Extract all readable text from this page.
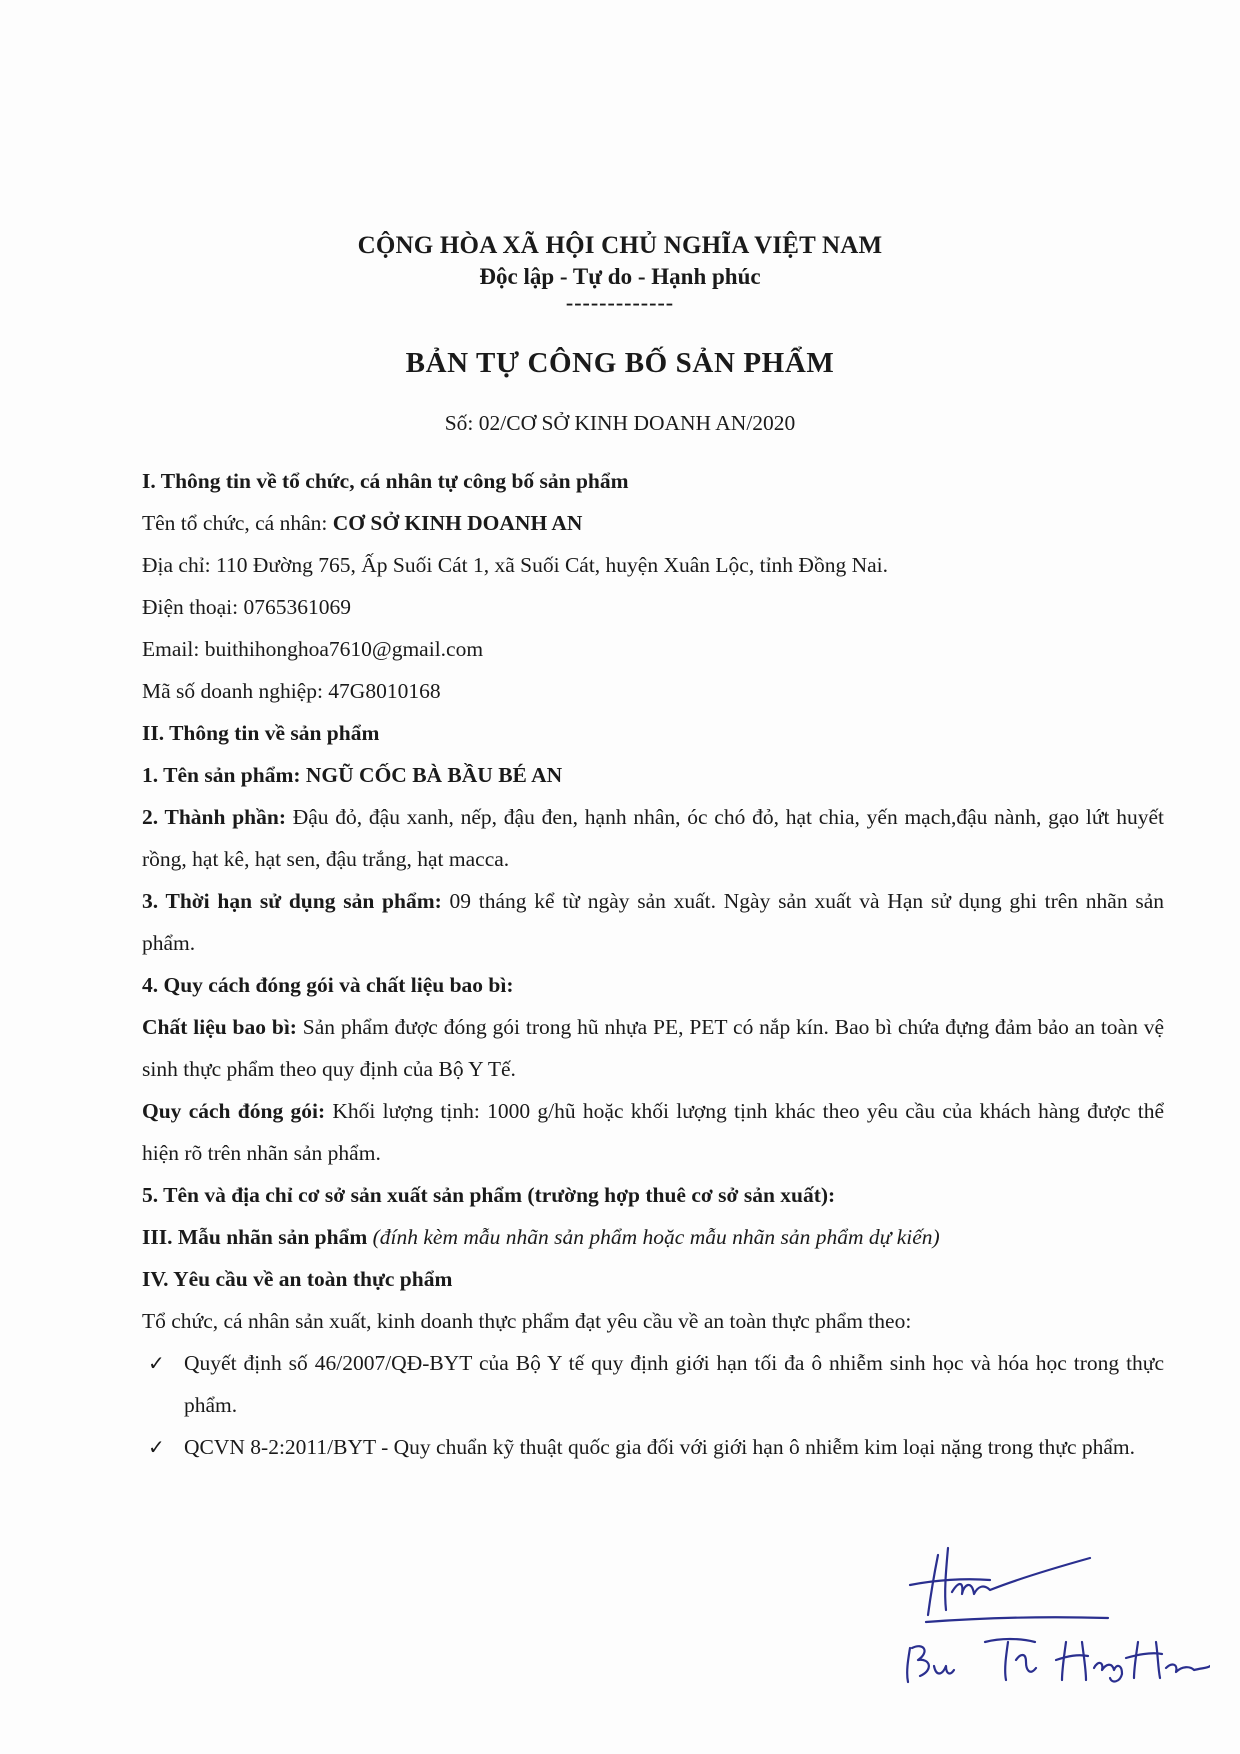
CỘNG HÒA XÃ HỘI CHỦ NGHĨA VIỆT NAM
Độc lập - Tự do - Hạnh phúc
-------------
BẢN TỰ CÔNG BỐ SẢN PHẨM
Số: 02/CƠ SỞ KINH DOANH AN/2020
I. Thông tin về tổ chức, cá nhân tự công bố sản phẩm
Tên tổ chức, cá nhân: CƠ SỞ KINH DOANH AN
Địa chỉ: 110 Đường 765, Ấp Suối Cát 1, xã Suối Cát, huyện Xuân Lộc, tỉnh Đồng Nai.
Điện thoại: 0765361069
Email: buithihonghoa7610@gmail.com
Mã số doanh nghiệp: 47G8010168
II. Thông tin về sản phẩm
1. Tên sản phẩm: NGŨ CỐC BÀ BẦU BÉ AN
2. Thành phần: Đậu đỏ, đậu xanh, nếp, đậu đen, hạnh nhân, óc chó đỏ, hạt chia, yến mạch,đậu nành, gạo lứt huyết rồng, hạt kê, hạt sen, đậu trắng, hạt macca.
3. Thời hạn sử dụng sản phẩm: 09 tháng kể từ ngày sản xuất. Ngày sản xuất và Hạn sử dụng ghi trên nhãn sản phẩm.
4. Quy cách đóng gói và chất liệu bao bì:
Chất liệu bao bì: Sản phẩm được đóng gói trong hũ nhựa PE, PET có nắp kín. Bao bì chứa đựng đảm bảo an toàn vệ sinh thực phẩm theo quy định của Bộ Y Tế.
Quy cách đóng gói: Khối lượng tịnh: 1000 g/hũ hoặc khối lượng tịnh khác theo yêu cầu của khách hàng được thể hiện rõ trên nhãn sản phẩm.
5. Tên và địa chỉ cơ sở sản xuất sản phẩm (trường hợp thuê cơ sở sản xuất):
III. Mẫu nhãn sản phẩm (đính kèm mẫu nhãn sản phẩm hoặc mẫu nhãn sản phẩm dự kiến)
IV. Yêu cầu về an toàn thực phẩm
Tổ chức, cá nhân sản xuất, kinh doanh thực phẩm đạt yêu cầu về an toàn thực phẩm theo:
✓ Quyết định số 46/2007/QĐ-BYT của Bộ Y tế quy định giới hạn tối đa ô nhiễm sinh học và hóa học trong thực phẩm.
✓ QCVN 8-2:2011/BYT - Quy chuẩn kỹ thuật quốc gia đối với giới hạn ô nhiễm kim loại nặng trong thực phẩm.
